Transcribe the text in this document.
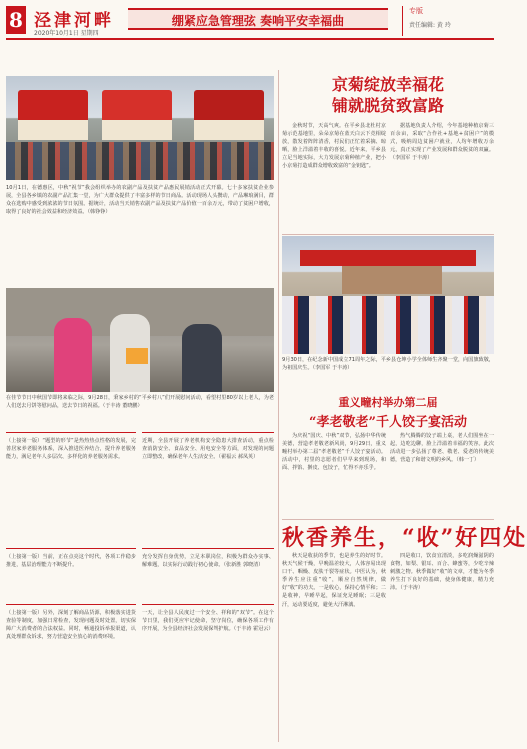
8 泾津河畔
2020年10月1日 星期四
绷紧应急管理弦 奏响平安幸福曲
专版
责任编辑: 黄 玲
10月1日，在德惠区，中秋“祝节”我会组织举办的农副产品及扶贫产品惠民展销活动正式开幕。七十多家扶贫企业参展，全县各乡镇的农副产品汇集一堂，为广大群众提供了丰富多样的节日商品。活动现场人头攒动，产品琳琅满目，群众在选购中感受到浓浓的节日氛围。据统计，活动当天销售农副产品及扶贫产品价值一百余万元，带动了贫困户增收，取得了良好的社会效益和经济效益。（韩铮铮）
在佳节节日中秋国节即将来临之际，9月28日，秉家乡村的“平乡村八”们开展慰问活动，看望村里80岁以上老人，为老人们送去月饼等慰问品，送去节日的祝福。（于丰涛 董晓鹏）
（上接第一版）“题型的形节”是热热热点性格的发展，完善居家养老服务体系，深入推进医养结合，提升养老服务能力，满足老年人多层次、多样化的养老服务需求。
近期，全县开展了养老机构安全隐患大排查活动，重点检查消防安全、食品安全、用电安全等方面，对发现的问题立即整改，确保老年人生活安全。（翟福云 郝凤英）
（上接第一版）当前，正在点亮这个时代，各项工作稳步推进，基层治理能力不断提升。
充分发挥自身优势，立足本职岗位，积极为群众办实事、解难题，以实际行动践行初心使命。（张新胜 郭晓清）
（上接第一版）另外，深刻了解商品货源，积极落实进货查验等制度，加强日常检查，发现问题及时处置，切实保障广大消费者的合法权益。同时，畅通投诉举报渠道，认真处理群众诉求，努力营造安全放心的消费环境。
一天，让全县人民度过一个安全、祥和的“双节”。在这个节日里，我们更应牢记使命，坚守岗位，确保各项工作有序开展，为全县经济社会发展保驾护航。（于丰涛 霍冠云）
京菊绽放幸福花
铺就脱贫致富路

金秋时节，天高气爽。在平乡县北杜村京菊示范基地里，朵朵京菊在蓝天白云下竞相绽放，散发着阵阵清香，村民们正忙着采摘、晾晒，脸上洋溢着丰收的喜悦。近年来，平乡县立足当地实际，大力发展京菊种植产业，把小小京菊打造成群众增收致富的“金钥匙”。

据基地负责人介绍，今年基地种植京菊三百余亩，采取“合作社+基地+贫困户”的模式，吸纳周边贫困户就业，人均年增收万余元，真正实现了产业发展和群众脱贫的双赢。（李国军 于丰涛）

9月30日，在纪念新中国成立71周年之际，平乡县仓坤小学全体师生齐聚一堂，向国旗致敬，为祖国庆生。（李国军 于丰涛）
重义疃村举办第二届
“孝老敬老”千人饺子宴活动

为庆祝“国庆、中秋”双节，弘扬中华传统美德，营造孝老敬老新风尚，9月29日，重义疃村举办第二届“孝老敬老”千人饺子宴活动。活动中，村里的志愿者们早早来到现场，和面、拌馅、擀皮、包饺子，忙得不亦乐乎。

热气腾腾的饺子端上桌，老人们围坐在一起，边吃边聊，脸上洋溢着幸福的笑容。此次活动进一步弘扬了尊老、敬老、爱老的传统美德，营造了和谐文明的乡风。（韩一丁）

秋香养生，“收”好四处

秋天是收获的季节，也是养生的好时节。秋天气候干燥，早晚温差较大，人体容易出现口干、咽燥、皮肤干裂等症状。中医认为，秋季养生应注重“收”，顺应自然规律，做好“收”的功夫。一是收心，保持心情平和；二是收神，早睡早起，保证充足睡眠；三是收汗，运动要适度，避免大汗淋漓。

四是收口，饮食宜清淡，多吃润燥滋阴的食物，如梨、银耳、百合、蜂蜜等，少吃辛辣刺激之物。秋季做好“收”的文章，才能为冬季养生打下良好的基础，使身体健康，精力充沛。（于丰涛）
